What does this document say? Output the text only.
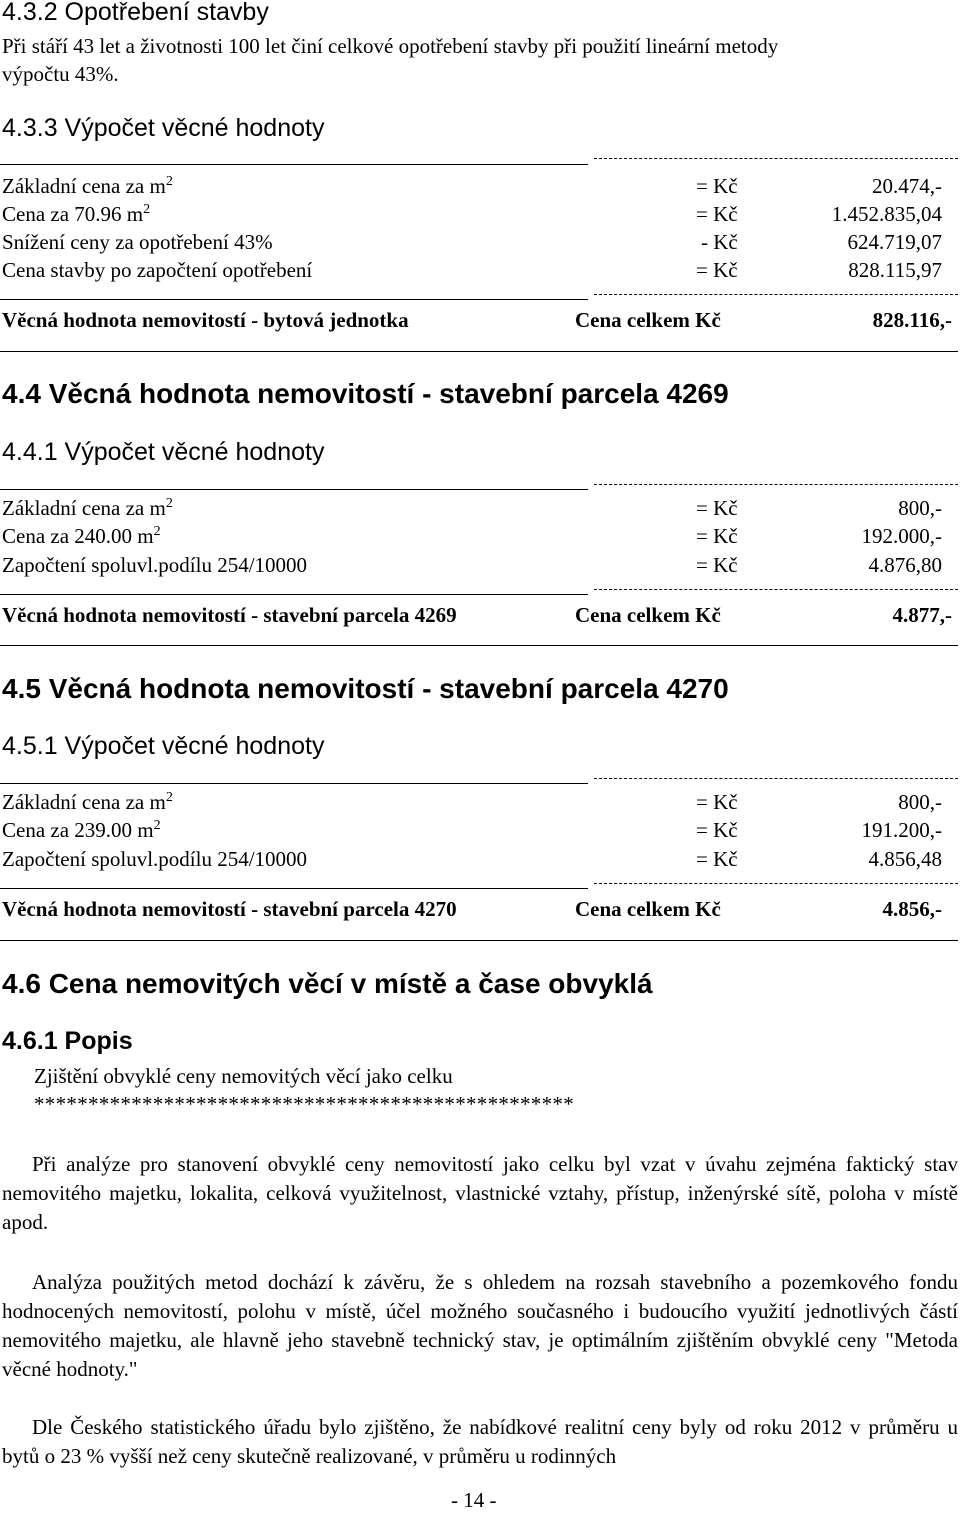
4.3.2 Opotřebení stavby
Při stáří 43 let a životnosti 100 let činí celkové opotřebení stavby při použití lineární metody
výpočtu 43%.
4.3.3 Výpočet věcné hodnoty
Základní cena za $m^2$	= Kč	20.474,-
Cena za 70.96 $m^2$	= Kč	1.452.835,04
Snížení ceny za opotřebení 43%	- Kč	624.719,07
Cena stavby po započtení opotřebení	= Kč	828.115,97
Věcná hodnota nemovitostí - bytová jednotka	Cena celkem Kč	828.116,-
4.4 Věcná hodnota nemovitostí - stavební parcela 4269
4.4.1 Výpočet věcné hodnoty
Základní cena za $m^2$	= Kč	800,-
Cena za 240.00 $m^2$	= Kč	192.000,-
Započtení spoluvl.podílu 254/10000	= Kč	4.876,80
Věcná hodnota nemovitostí - stavební parcela 4269	Cena celkem Kč	4.877,-
4.5 Věcná hodnota nemovitostí - stavební parcela 4270
4.5.1 Výpočet věcné hodnoty
Základní cena za $m^2$	= Kč	800,-
Cena za 239.00 $m^2$	= Kč	191.200,-
Započtení spoluvl.podílu 254/10000	= Kč	4.856,48
Věcná hodnota nemovitostí - stavební parcela 4270	Cena celkem Kč	4.856,-
4.6 Cena nemovitých věcí v místě a čase obvyklá
4.6.1 Popis
Zjištění obvyklé ceny nemovitých věcí jako celku
**************************************************
Při analýze pro stanovení obvyklé ceny nemovitostí jako celku byl vzat v úvahu zejména faktický stav nemovitého majetku, lokalita, celková využitelnost, vlastnické vztahy, přístup, inženýrské sítě, poloha v místě apod.
Analýza použitých metod dochází k závěru, že s ohledem na rozsah stavebního a pozemkového fondu hodnocených nemovitostí, polohu v místě, účel možného současného i budoucího využití jednotlivých částí nemovitého majetku, ale hlavně jeho stavebně technický stav, je optimálním zjištěním obvyklé ceny "Metoda věcné hodnoty."
Dle Českého statistického úřadu bylo zjištěno, že nabídkové realitní ceny byly od roku 2012 v průměru u bytů o 23 % vyšší než ceny skutečně realizované, v průměru u rodinných
- 14 -
